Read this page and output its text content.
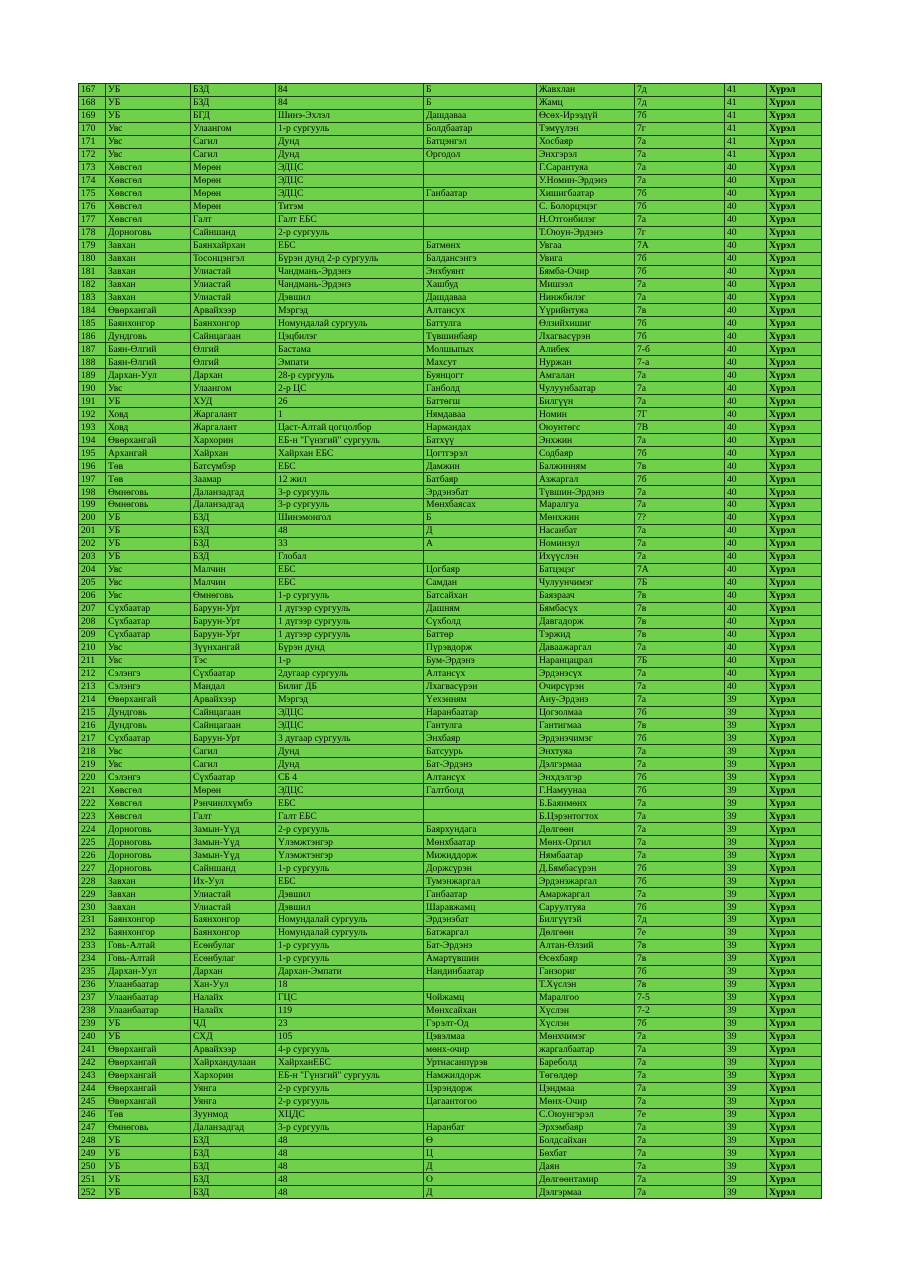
167	УБ	БЗД	84	Б	Жавхлан	7д	41	Хүрэл
168	УБ	БЗД	84	Б	Жамц	7д	41	Хүрэл
169	УБ	БГД	Шинэ-Эхлэл	Дашдаваа	Өсөх-Ирээдүй	7б	41	Хүрэл
170	Увс	Улаангом	1-р сургууль	Болдбаатар	Тэмүүлэн	7г	41	Хүрэл
171	Увс	Сагил	Дунд	Батцэнгэл	Хосбаяр	7а	41	Хүрэл
172	Увс	Сагил	Дунд	Оргодол	Энхгэрэл	7а	41	Хүрэл
173	Хөвсгөл	Мөрөн	ЭДЦС		Г.Сарантуяа	7а	40	Хүрэл
174	Хөвсгөл	Мөрөн	ЭДЦС		У.Номин-Эрдэнэ	7а	40	Хүрэл
175	Хөвсгөл	Мөрөн	ЭДЦС	Ганбаатар	Хишигбаатар	7б	40	Хүрэл
176	Хөвсгөл	Мөрөн	Титэм		С. Болорцэцэг	7б	40	Хүрэл
177	Хөвсгөл	Галт	Галт ЕБС		Н.Отгонбилэг	7а	40	Хүрэл
178	Дорноговь	Сайншанд	2-р сургууль		Т.Оюун-Эрдэнэ	7г	40	Хүрэл
179	Завхан	Баянхайрхан	ЕБС	Батмөнх	Увгаа	7А	40	Хүрэл
180	Завхан	Тосонцэнгэл	Бүрэн дунд 2-р сургууль	Балдансэнгэ	Увига	7б	40	Хүрэл
181	Завхан	Улиастай	Чандмань-Эрдэнэ	Энхбуянт	Бямба-Очир	7б	40	Хүрэл
182	Завхан	Улиастай	Чандмань-Эрдэнэ	Хашбуд	Мишээл	7а	40	Хүрэл
183	Завхан	Улиастай	Дэвшил	Дашдаваа	Нинжбилэг	7а	40	Хүрэл
184	Өвөрхангай	Арвайхээр	Мэргэд	Алтансух	Үүрийнтуяа	7в	40	Хүрэл
185	Баянхонгор	Баянхонгор	Номундалай сургууль	Баттулга	Өлзийхишиг	7б	40	Хүрэл
186	Дундговь	Сайнцагаан	Цэцбилэг	Түвшинбаяр	Лхагвасүрэн	7б	40	Хүрэл
187	Баян-Өлгий	Өлгий	Бастама	Молшыпых	Алибек	7-б	40	Хүрэл
188	Баян-Өлгий	Өлгий	Эмпати	Махсут	Нуржан	7-а	40	Хүрэл
189	Дархан-Уул	Дархан	28-р сургууль	Буянцогт	Амгалан	7а	40	Хүрэл
190	Увс	Улаангом	2-р ЦС	Ганболд	Чулуунбаатар	7а	40	Хүрэл
191	УБ	ХУД	26	Баттөгш	Билгүүн	7а	40	Хүрэл
192	Ховд	Жаргалант	1	Нямдаваа	Номин	7Г	40	Хүрэл
193	Ховд	Жаргалант	Цаст-Алтай цогцолбор	Нармандах	Оюунтөгс	7В	40	Хүрэл
194	Өвөрхангай	Хархорин	ЕБ-н "Гүнзгий" сургууль	Батхүү	Энхжин	7а	40	Хүрэл
195	Архангай	Хайрхан	Хайрхан ЕБС	Цогтгэрэл	Содбаяр	7б	40	Хүрэл
196	Төв	Батсүмбэр	ЕБС	Дамжин	Балжинням	7в	40	Хүрэл
197	Төв	Заамар	12 жил	Батбаяр	Азжаргал	7б	40	Хүрэл
198	Өмнөговь	Даланзадгад	3-р сургууль	Эрдэнэбат	Түвшин-Эрдэнэ	7а	40	Хүрэл
199	Өмнөговь	Даланзадгад	3-р сургууль	Мөнхбаясах	Маралгуа	7а	40	Хүрэл
200	УБ	БЗД	Шинэмонгол	Б	Мөнхжин	7?	40	Хүрэл
201	УБ	БЗД	48	Д	Насанбат	7а	40	Хүрэл
202	УБ	БЗД	33	А	Номинзул	7а	40	Хүрэл
203	УБ	БЗД	Глобал		Ихүүслэн	7а	40	Хүрэл
204	Увс	Малчин	ЕБС	Цогбаяр	Батцэцэг	7А	40	Хүрэл
205	Увс	Малчин	ЕБС	Самдан	Чулуунчимэг	7Б	40	Хүрэл
206	Увс	Өмнөговь	1-р сургууль	Батсайхан	Баязраач	7в	40	Хүрэл
207	Сүхбаатар	Баруун-Урт	1 дүгээр сургууль	Дашням	Бямбасүх	7в	40	Хүрэл
208	Сүхбаатар	Баруун-Урт	1 дүгээр сургууль	Сүхболд	Давгадорж	7в	40	Хүрэл
209	Сүхбаатар	Баруун-Урт	1 дүгээр сургууль	Баттөр	Тэржид	7в	40	Хүрэл
210	Увс	Зүүнхангай	Бүрэн дунд	Пүрэвдорж	Даваажаргал	7а	40	Хүрэл
211	Увс	Тэс	1-р	Бум-Эрдэнэ	Наранцацрал	7Б	40	Хүрэл
212	Сэлэнгэ	Сүхбаатар	2дугаар сургууль	Алтансүх	Эрдэнэсүх	7а	40	Хүрэл
213	Сэлэнгэ	Мандал	Билиг ДБ	Лхагвасүрэн	Очирсүрэн	7а	40	Хүрэл
214	Өвөрхангай	Арвайхээр	Мэргэд	Үехэнням	Ану-Эрдэнэ	7а	39	Хүрэл
215	Дундговь	Сайнцагаан	ЭДЦС	Наранбаатар	Цогзолмаа	7б	39	Хүрэл
216	Дундговь	Сайнцагаан	ЭДЦС	Гантулга	Гантигмаа	7в	39	Хүрэл
217	Сүхбаатар	Баруун-Урт	3 дугаар сургууль	Энхбаяр	Эрдэнэчимэг	7б	39	Хүрэл
218	Увс	Сагил	Дунд	Батсуурь	Энхтуяа	7а	39	Хүрэл
219	Увс	Сагил	Дунд	Бат-Эрдэнэ	Дэлгэрмаа	7а	39	Хүрэл
220	Сэлэнгэ	Сүхбаатар	СБ 4	Алтансүх	Энхдэлгэр	7б	39	Хүрэл
221	Хөвсгөл	Мөрөн	ЭДЦС	Галтболд	Г.Намуунаа	7б	39	Хүрэл
222	Хөвсгөл	Рэнчинлхүмбэ	ЕБС		Б.Баянмөнх	7а	39	Хүрэл
223	Хөвсгөл	Галт	Галт ЕБС		Б.Цэрэнтогтох	7а	39	Хүрэл
224	Дорноговь	Замын-Үүд	2-р сургууль	Баярхундага	Дөлгөөн	7а	39	Хүрэл
225	Дорноговь	Замын-Үүд	Үлэмжтэнгэр	Мөнхбаатар	Мөнх-Оргил	7а	39	Хүрэл
226	Дорноговь	Замын-Үүд	Үлэмжтэнгэр	Мижиддорж	Нямбаатар	7а	39	Хүрэл
227	Дорноговь	Сайншанд	1-р сургууль	Доржсүрэн	Д.Бямбасүрэн	7б	39	Хүрэл
228	Завхан	Их-Уул	ЕБС	Тумэнжаргал	Эрдэнэжаргал	7б	39	Хүрэл
229	Завхан	Улиастай	Дэвшил	Ганбаатар	Амаржаргал	7а	39	Хүрэл
230	Завхан	Улиастай	Дэвшил	Шаравжамц	Саруултуяа	7б	39	Хүрэл
231	Баянхонгор	Баянхонгор	Номундалай сургууль	Эрдэнэбат	Билгүүтэй	7д	39	Хүрэл
232	Баянхонгор	Баянхонгор	Номундалай сургууль	Батжаргал	Дөлгөөн	7е	39	Хүрэл
233	Говь-Алтай	Есөнбулаг	1-р сургууль	Бат-Эрдэнэ	Алтан-Өлзий	7в	39	Хүрэл
234	Говь-Алтай	Есөнбулаг	1-р сургууль	Амартүвшин	Өсөхбаяр	7в	39	Хүрэл
235	Дархан-Уул	Дархан	Дархан-Эмпати	Нандинбаатар	Ганзориг	7б	39	Хүрэл
236	Улаанбаатар	Хан-Уул	18		Т.Хүслэн	7в	39	Хүрэл
237	Улаанбаатар	Налайх	ГЦС	Чойжамц	Маралгоо	7-5	39	Хүрэл
238	Улаанбаатар	Налайх	119	Мөнхсайхан	Хүслэн	7-2	39	Хүрэл
239	УБ	ЧД	23	Гэрэлт-Од	Хүслэн	7б	39	Хүрэл
240	УБ	СХД	105	Цэвэлмаа	Мөнхчимэг	7а	39	Хүрэл
241	Өвөрхангай	Арвайхээр	4-р сургууль	мөнх-очир	жаргалбаатар	7а	39	Хүрэл
242	Өвөрхангай	Хайрхандулаан	ХайрханЕБС	Уртнасанпүрэв	Бареболд	7а	39	Хүрэл
243	Өвөрхангай	Хархорин	ЕБ-н "Гүнзгий" сургууль	Намжилдорж	Төгөлдөр	7а	39	Хүрэл
244	Өвөрхангай	Уянга	2-р сургууль	Цэрэндорж	Цэндмаа	7а	39	Хүрэл
245	Өвөрхангай	Уянга	2-р сургууль	Цагаантогоо	Мөнх-Очир	7а	39	Хүрэл
246	Төв	Зуунмод	ХЦДС		С.Оюунгэрэл	7е	39	Хүрэл
247	Өмнөговь	Даланзадгад	3-р сургууль	Наранбат	Эрхэмбаяр	7а	39	Хүрэл
248	УБ	БЗД	48	Ө	Болдсайхан	7а	39	Хүрэл
249	УБ	БЗД	48	Ц	Бөхбат	7а	39	Хүрэл
250	УБ	БЗД	48	Д	Даян	7а	39	Хүрэл
251	УБ	БЗД	48	О	Дөлгөөнтамир	7а	39	Хүрэл
252	УБ	БЗД	48	Д	Дэлгэрмаа	7а	39	Хүрэл
